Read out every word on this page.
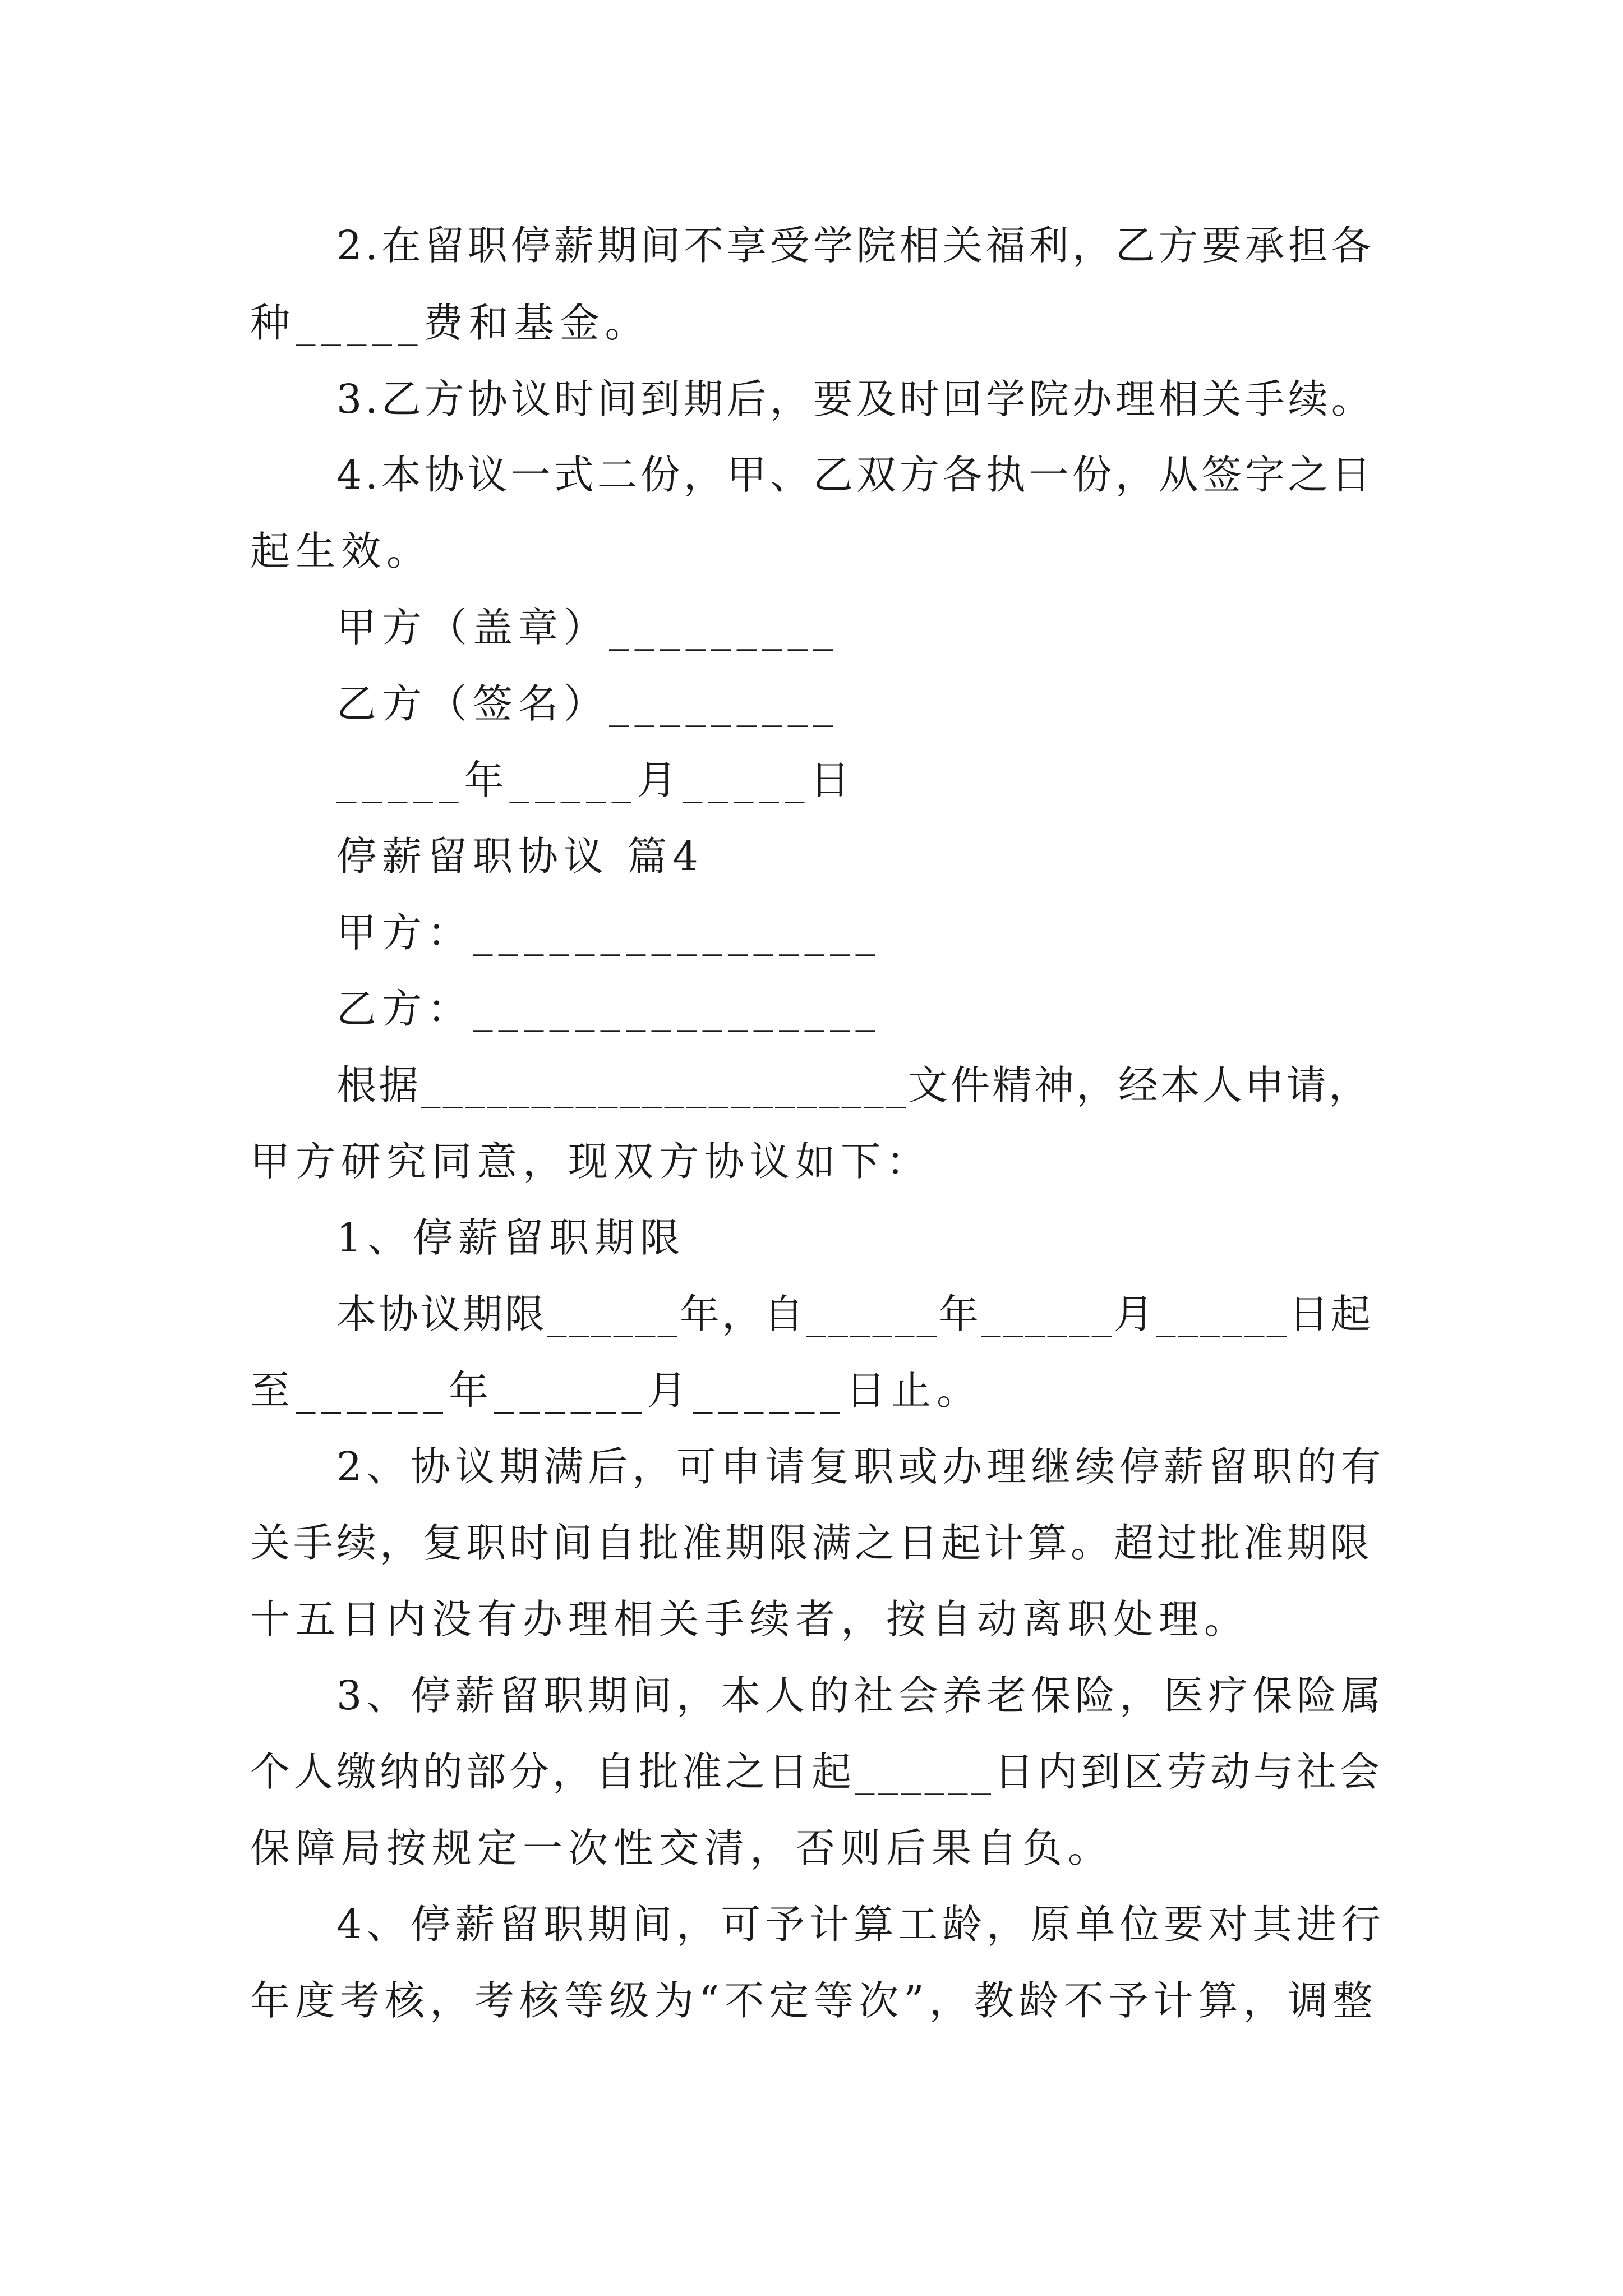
2.在留职停薪期间不享受学院相关福利，乙方要承担各
种_____费和基金。
3.乙方协议时间到期后，要及时回学院办理相关手续。
4.本协议一式二份，甲、乙双方各执一份，从签字之日
起生效。
甲方（盖章）_________
乙方（签名）_________
_____年_____月_____日
停薪留职协议 篇4
甲方：________________
乙方：________________
根据______________________文件精神，经本人申请，
甲方研究同意，现双方协议如下：
1、停薪留职期限
本协议期限______年，自______年______月______日起
至______年______月______日止。
2、协议期满后，可申请复职或办理继续停薪留职的有
关手续，复职时间自批准期限满之日起计算。超过批准期限
十五日内没有办理相关手续者，按自动离职处理。
3、停薪留职期间，本人的社会养老保险，医疗保险属
个人缴纳的部分，自批准之日起______日内到区劳动与社会
保障局按规定一次性交清，否则后果自负。
4、停薪留职期间，可予计算工龄，原单位要对其进行
年度考核，考核等级为“不定等次”，教龄不予计算，调整
